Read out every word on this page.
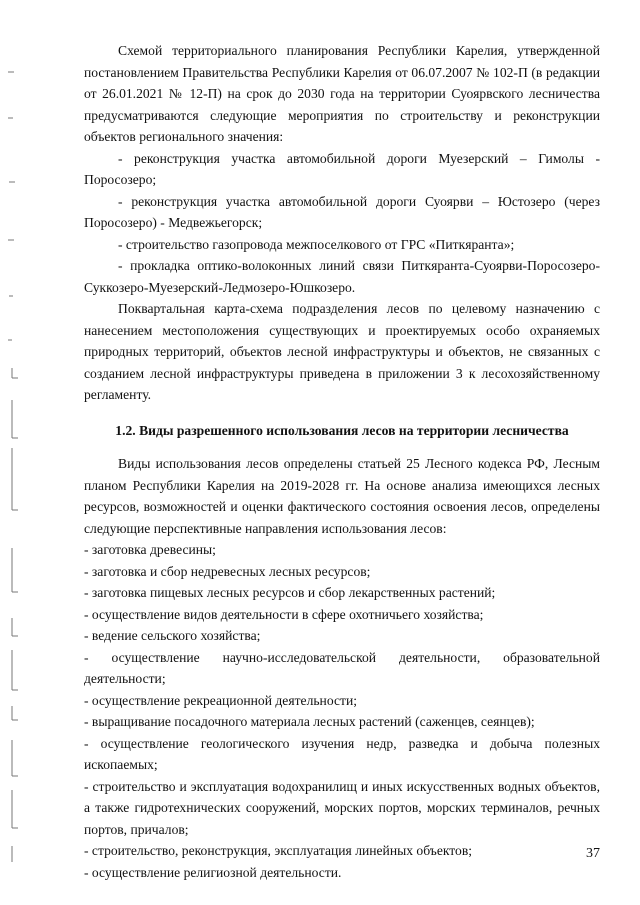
Схемой территориального планирования Республики Карелия, утвержденной постановлением Правительства Республики Карелия от 06.07.2007 № 102-П (в редакции от 26.01.2021 № 12-П) на срок до 2030 года на территории Суоярвского лесничества предусматриваются следующие мероприятия по строительству и реконструкции объектов регионального значения:

- реконструкция участка автомобильной дороги Муезерский – Гимолы - Поросозеро;

- реконструкция участка автомобильной дороги Суоярви – Юстозеро (через Поросозеро) - Медвежьегорск;

- строительство газопровода межпоселкового от ГРС «Питкяранта»;

- прокладка оптико-волоконных линий связи Питкяранта-Суоярви-Поросозеро-Суккозеро-Муезерский-Ледмозеро-Юшкозеро.

Поквартальная карта-схема подразделения лесов по целевому назначению с нанесением местоположения существующих и проектируемых особо охраняемых природных территорий, объектов лесной инфраструктуры и объектов, не связанных с созданием лесной инфраструктуры приведена в приложении 3 к лесохозяйственному регламенту.

1.2. Виды разрешенного использования лесов на территории лесничества

Виды использования лесов определены статьей 25 Лесного кодекса РФ, Лесным планом Республики Карелия на 2019-2028 гг. На основе анализа имеющихся лесных ресурсов, возможностей и оценки фактического состояния освоения лесов, определены следующие перспективные направления использования лесов:

- заготовка древесины;

- заготовка и сбор недревесных лесных ресурсов;

- заготовка пищевых лесных ресурсов и сбор лекарственных растений;

- осуществление видов деятельности в сфере охотничьего хозяйства;

- ведение сельского хозяйства;

- осуществление научно-исследовательской деятельности, образовательной деятельности;

- осуществление рекреационной деятельности;

- выращивание посадочного материала лесных растений (саженцев, сеянцев);

- осуществление геологического изучения недр, разведка и добыча полезных ископаемых;

- строительство и эксплуатация водохранилищ и иных искусственных водных объектов, а также гидротехнических сооружений, морских портов, морских терминалов, речных портов, причалов;

- строительство, реконструкция, эксплуатация линейных объектов;

- осуществление религиозной деятельности.

37
